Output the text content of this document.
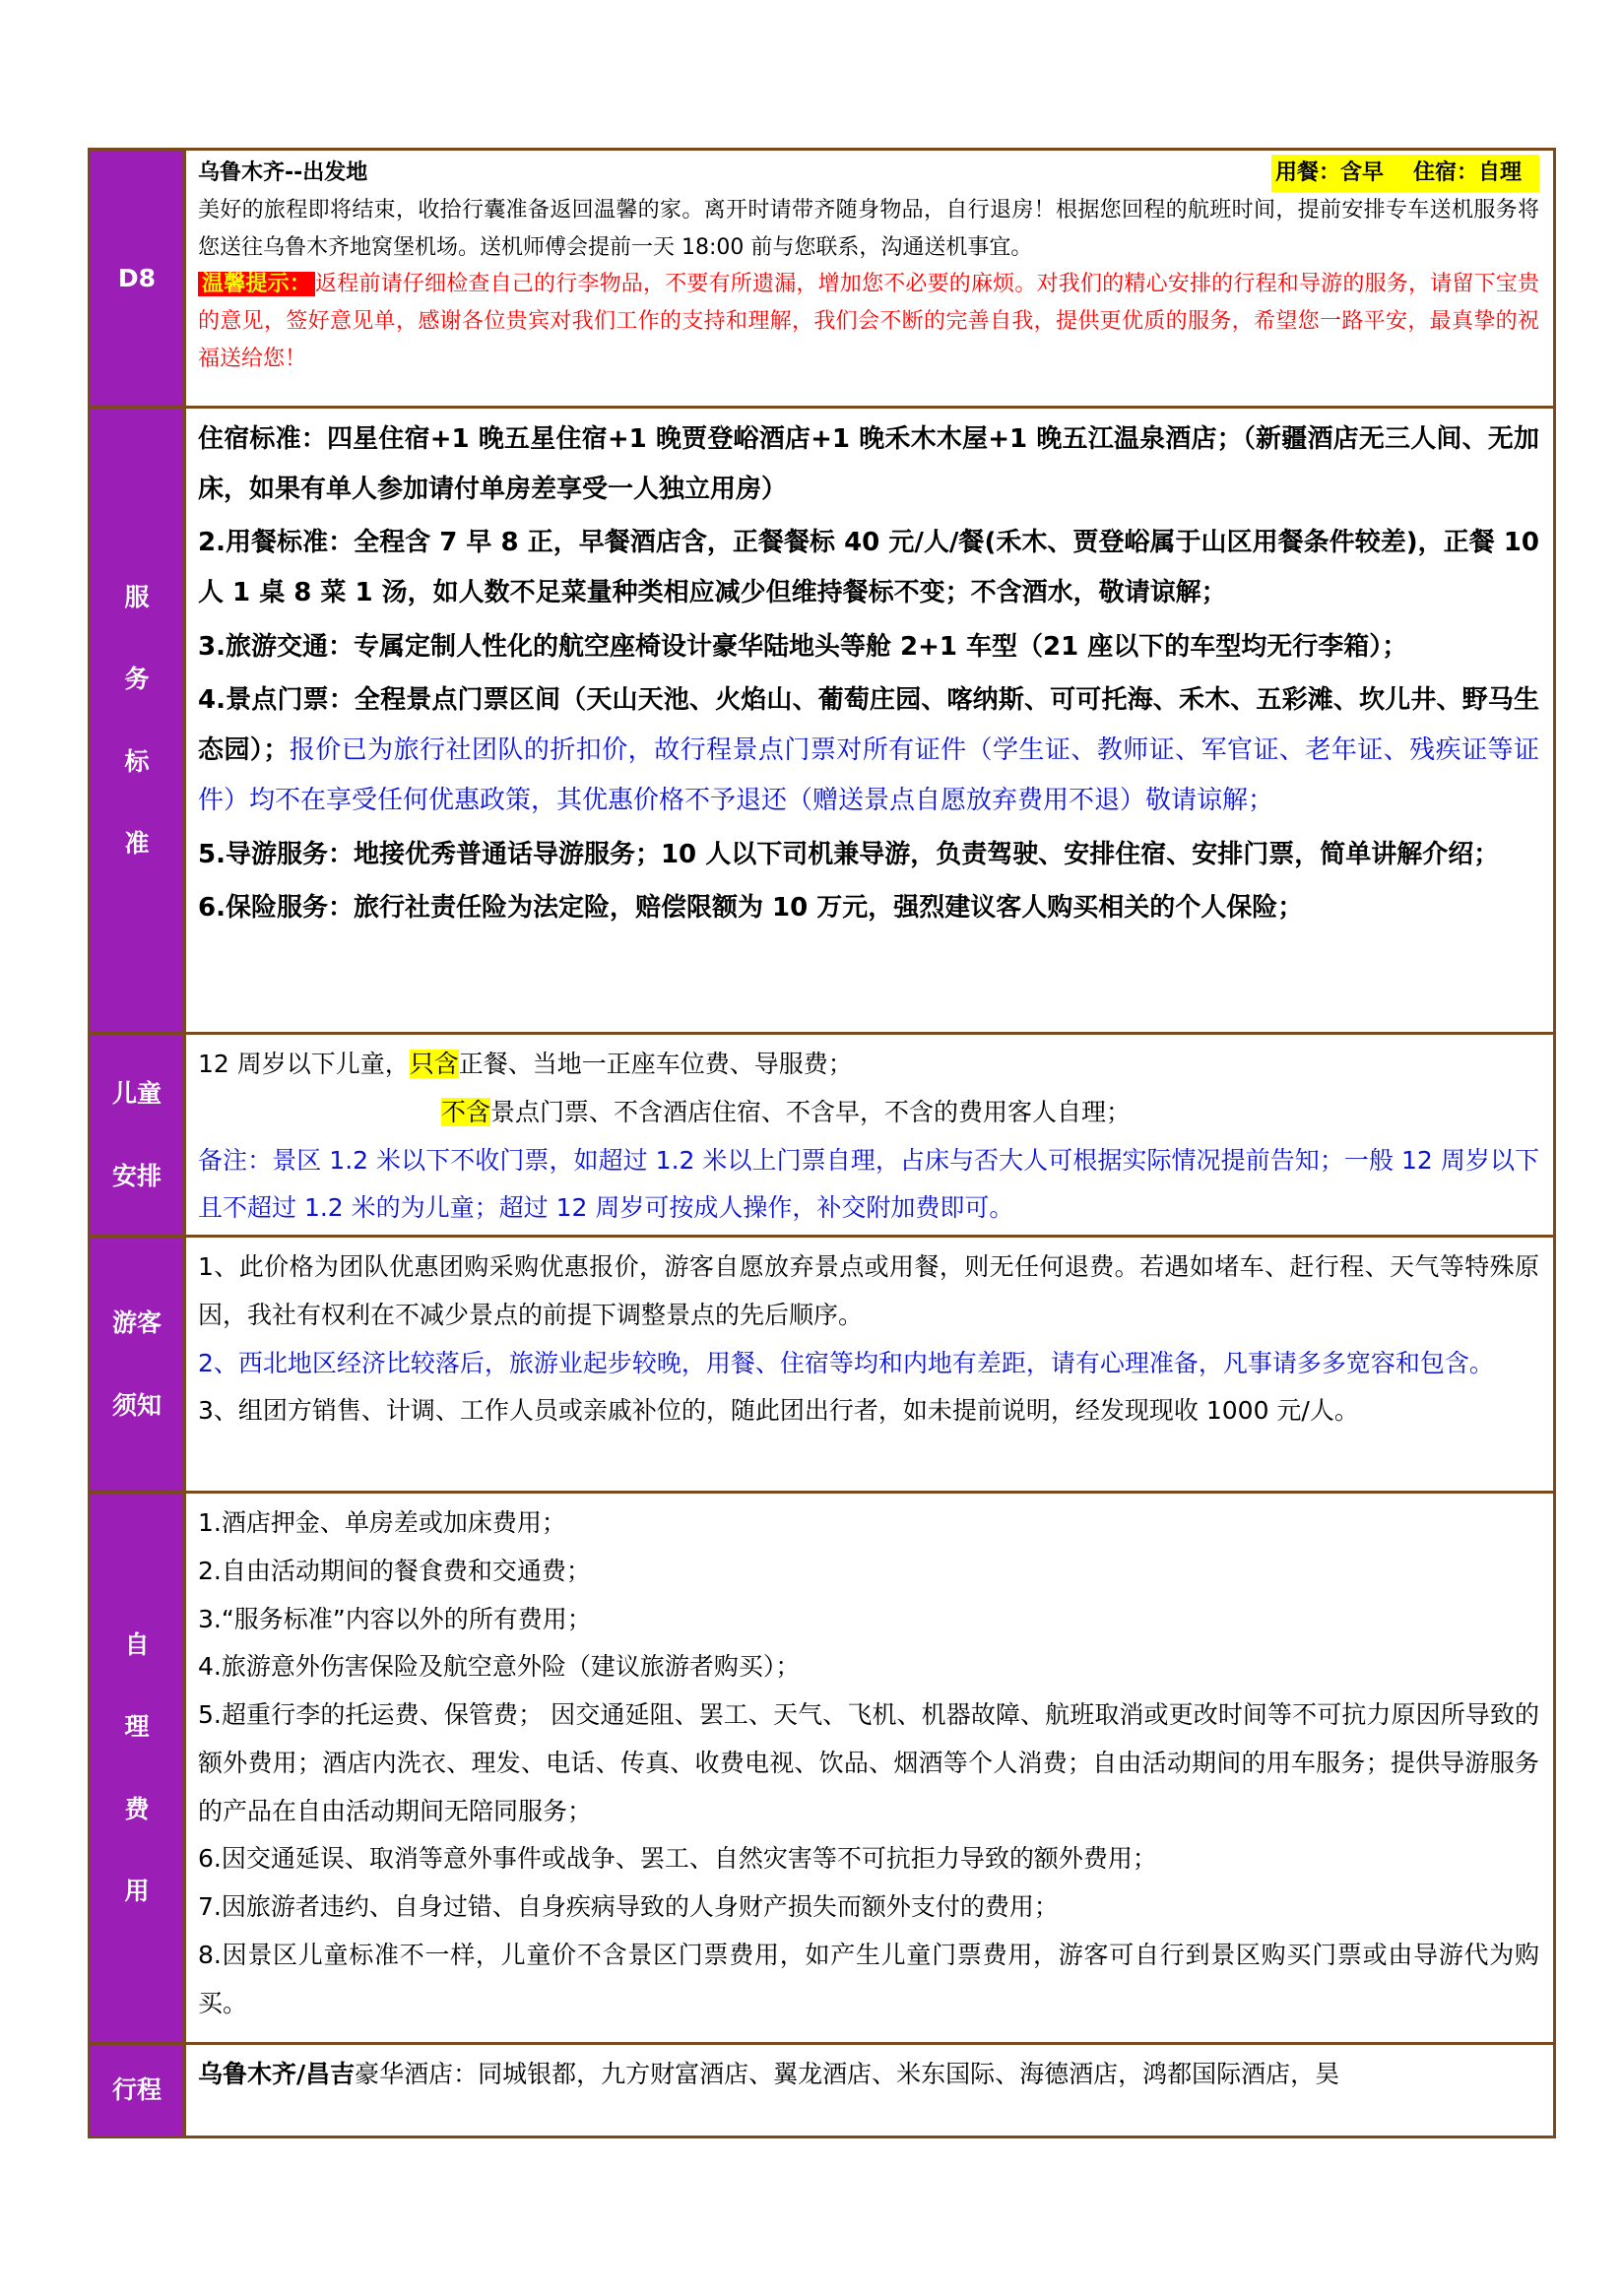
D8
乌鲁木齐--出发地	用餐：含早 住宿：自理

美好的旅程即将结束，收拾行囊准备返回温馨的家。离开时请带齐随身物品，自行退房！根据您回程的航班时间，提前安排专车送机服务将您送往乌鲁木齐地窝堡机场。送机师傅会提前一天 18:00 前与您联系，沟通送机事宜。

温馨提示： 返程前请仔细检查自己的行李物品，不要有所遗漏，增加您不必要的麻烦。对我们的精心安排的行程和导游的服务，请留下宝贵的意见，签好意见单，感谢各位贵宾对我们工作的支持和理解，我们会不断的完善自我，提供更优质的服务，希望您一路平安，最真挚的祝福送给您！

服
务
标
准

住宿标准：四星住宿+1 晚五星住宿+1 晚贾登峪酒店+1 晚禾木木屋+1 晚五江温泉酒店；（新疆酒店无三人间、无加床，如果有单人参加请付单房差享受一人独立用房）

2.用餐标准：全程含 7 早 8 正，早餐酒店含，正餐餐标 40 元/人/餐(禾木、贾登峪属于山区用餐条件较差)，正餐 10 人 1 桌 8 菜 1 汤，如人数不足菜量种类相应减少但维持餐标不变；不含酒水，敬请谅解；

3.旅游交通：专属定制人性化的航空座椅设计豪华陆地头等舱 2+1 车型（21 座以下的车型均无行李箱）；

4.景点门票：全程景点门票区间（天山天池、火焰山、葡萄庄园、喀纳斯、可可托海、禾木、五彩滩、坎儿井、野马生态园）；报价已为旅行社团队的折扣价，故行程景点门票对所有证件（学生证、教师证、军官证、老年证、残疾证等证件）均不在享受任何优惠政策，其优惠价格不予退还（赠送景点自愿放弃费用不退）敬请谅解；

5.导游服务：地接优秀普通话导游服务；10 人以下司机兼导游，负责驾驶、安排住宿、安排门票，简单讲解介绍；

6.保险服务：旅行社责任险为法定险，赔偿限额为 10 万元，强烈建议客人购买相关的个人保险；

儿童
安排

12 周岁以下儿童，只含正餐、当地一正座车位费、导服费；

不含景点门票、不含酒店住宿、不含早，不含的费用客人自理；

备注：景区 1.2 米以下不收门票，如超过 1.2 米以上门票自理，占床与否大人可根据实际情况提前告知；一般 12 周岁以下且不超过 1.2 米的为儿童；超过 12 周岁可按成人操作，补交附加费即可。

游客
须知

1、此价格为团队优惠团购采购优惠报价，游客自愿放弃景点或用餐，则无任何退费。若遇如堵车、赶行程、天气等特殊原因，我社有权利在不减少景点的前提下调整景点的先后顺序。

2、西北地区经济比较落后，旅游业起步较晚，用餐、住宿等均和内地有差距，请有心理准备，凡事请多多宽容和包含。

3、组团方销售、计调、工作人员或亲戚补位的，随此团出行者，如未提前说明，经发现现收 1000 元/人。

自
理
费
用

1.酒店押金、单房差或加床费用；

2.自由活动期间的餐食费和交通费；

3.“服务标准”内容以外的所有费用；

4.旅游意外伤害保险及航空意外险（建议旅游者购买）；

5.超重行李的托运费、保管费； 因交通延阻、罢工、天气、飞机、机器故障、航班取消或更改时间等不可抗力原因所导致的额外费用；酒店内洗衣、理发、电话、传真、收费电视、饮品、烟酒等个人消费；自由活动期间的用车服务；提供导游服务的产品在自由活动期间无陪同服务；

6.因交通延误、取消等意外事件或战争、罢工、自然灾害等不可抗拒力导致的额外费用；

7.因旅游者违约、自身过错、自身疾病导致的人身财产损失而额外支付的费用；

8.因景区儿童标准不一样，儿童价不含景区门票费用，如产生儿童门票费用，游客可自行到景区购买门票或由导游代为购买。

行程
乌鲁木齐/昌吉豪华酒店：同城银都，九方财富酒店、翼龙酒店、米东国际、海德酒店，鸿都国际酒店，昊
